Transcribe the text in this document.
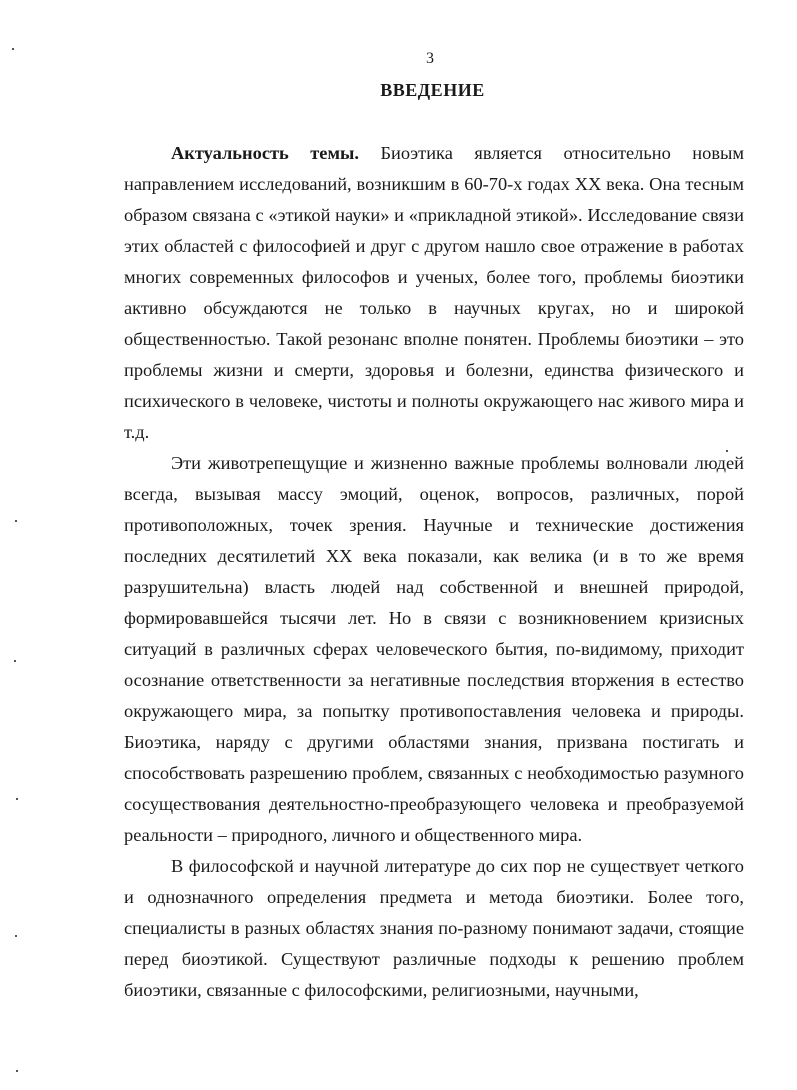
3
ВВЕДЕНИЕ

Актуальность темы. Биоэтика является относительно новым направлением исследований, возникшим в 60-70-х годах XX века. Она тесным образом связана с «этикой науки» и «прикладной этикой». Исследование связи этих областей с философией и друг с другом нашло свое отражение в работах многих современных философов и ученых, более того, проблемы биоэтики активно обсуждаются не только в научных кругах, но и широкой общественностью. Такой резонанс вполне понятен. Проблемы биоэтики – это проблемы жизни и смерти, здоровья и болезни, единства физического и психического в человеке, чистоты и полноты окружающего нас живого мира и т.д.

Эти животрепещущие и жизненно важные проблемы волновали людей всегда, вызывая массу эмоций, оценок, вопросов, различных, порой противоположных, точек зрения. Научные и технические достижения последних десятилетий XX века показали, как велика (и в то же время разрушительна) власть людей над собственной и внешней природой, формировавшейся тысячи лет. Но в связи с возникновением кризисных ситуаций в различных сферах человеческого бытия, по-видимому, приходит осознание ответственности за негативные последствия вторжения в естество окружающего мира, за попытку противопоставления человека и природы. Биоэтика, наряду с другими областями знания, призвана постигать и способствовать разрешению проблем, связанных с необходимостью разумного сосуществования деятельностно-преобразующего человека и преобразуемой реальности – природного, личного и общественного мира.

В философской и научной литературе до сих пор не существует четкого и однозначного определения предмета и метода биоэтики. Более того, специалисты в разных областях знания по-разному понимают задачи, стоящие перед биоэтикой. Существуют различные подходы к решению проблем биоэтики, связанные с философскими, религиозными, научными,
